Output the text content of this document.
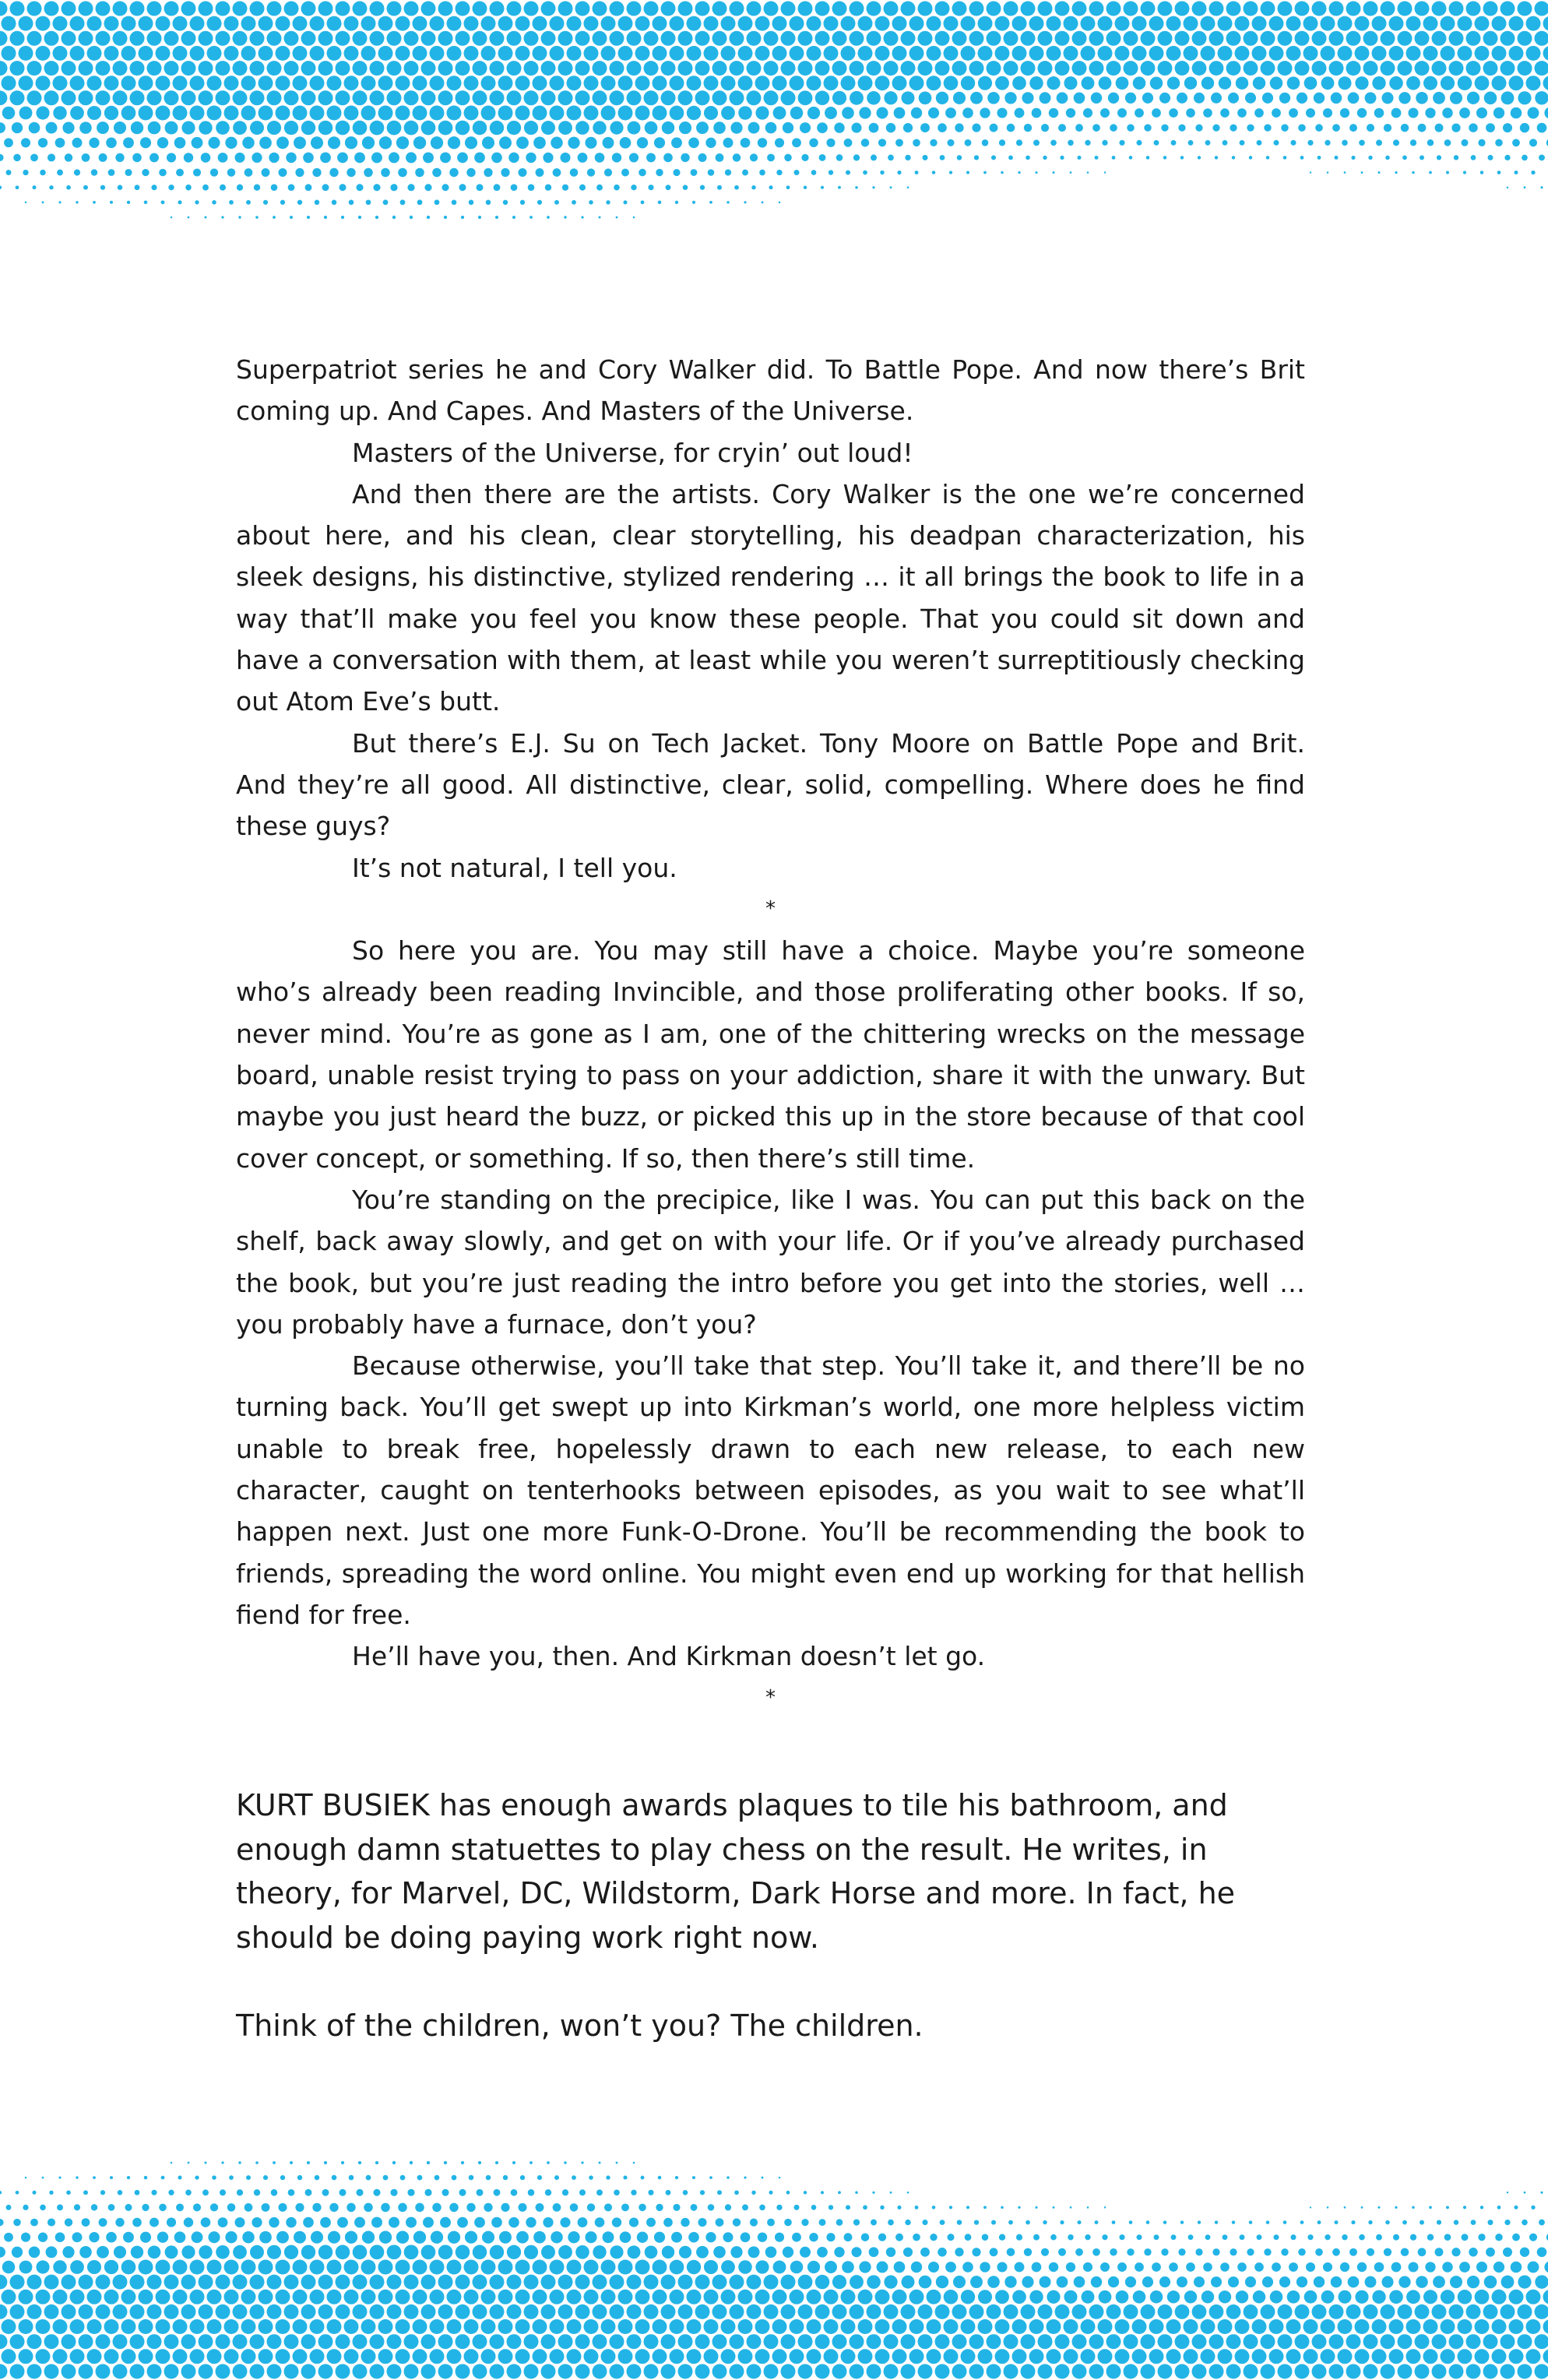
Superpatriot series he and Cory Walker did. To Battle Pope. And now there’s Brit coming up. And Capes. And Masters of the Universe.

Masters of the Universe, for cryin’ out loud!

And then there are the artists. Cory Walker is the one we’re concerned about here, and his clean, clear storytelling, his deadpan characterization, his sleek designs, his distinctive, stylized rendering … it all brings the book to life in a way that’ll make you feel you know these people. That you could sit down and have a conversation with them, at least while you weren’t surreptitiously checking out Atom Eve’s butt.

But there’s E.J. Su on Tech Jacket. Tony Moore on Battle Pope and Brit. And they’re all good. All distinctive, clear, solid, compelling. Where does he find these guys?

It’s not natural, I tell you.

*

So here you are. You may still have a choice. Maybe you’re someone who’s already been reading Invincible, and those proliferating other books. If so, never mind. You’re as gone as I am, one of the chittering wrecks on the message board, unable resist trying to pass on your addiction, share it with the unwary. But maybe you just heard the buzz, or picked this up in the store because of that cool cover concept, or something. If so, then there’s still time.

You’re standing on the precipice, like I was. You can put this back on the shelf, back away slowly, and get on with your life. Or if you’ve already purchased the book, but you’re just reading the intro before you get into the stories, well … you probably have a furnace, don’t you?

Because otherwise, you’ll take that step. You’ll take it, and there’ll be no turning back. You’ll get swept up into Kirkman’s world, one more helpless victim unable to break free, hopelessly drawn to each new release, to each new character, caught on tenterhooks between episodes, as you wait to see what’ll happen next. Just one more Funk-O-Drone. You’ll be recommending the book to friends, spreading the word online. You might even end up working for that hellish fiend for free.

He’ll have you, then. And Kirkman doesn’t let go.

*

KURT BUSIEK has enough awards plaques to tile his bathroom, and enough damn statuettes to play chess on the result. He writes, in theory, for Marvel, DC, Wildstorm, Dark Horse and more. In fact, he should be doing paying work right now.

Think of the children, won’t you? The children.
